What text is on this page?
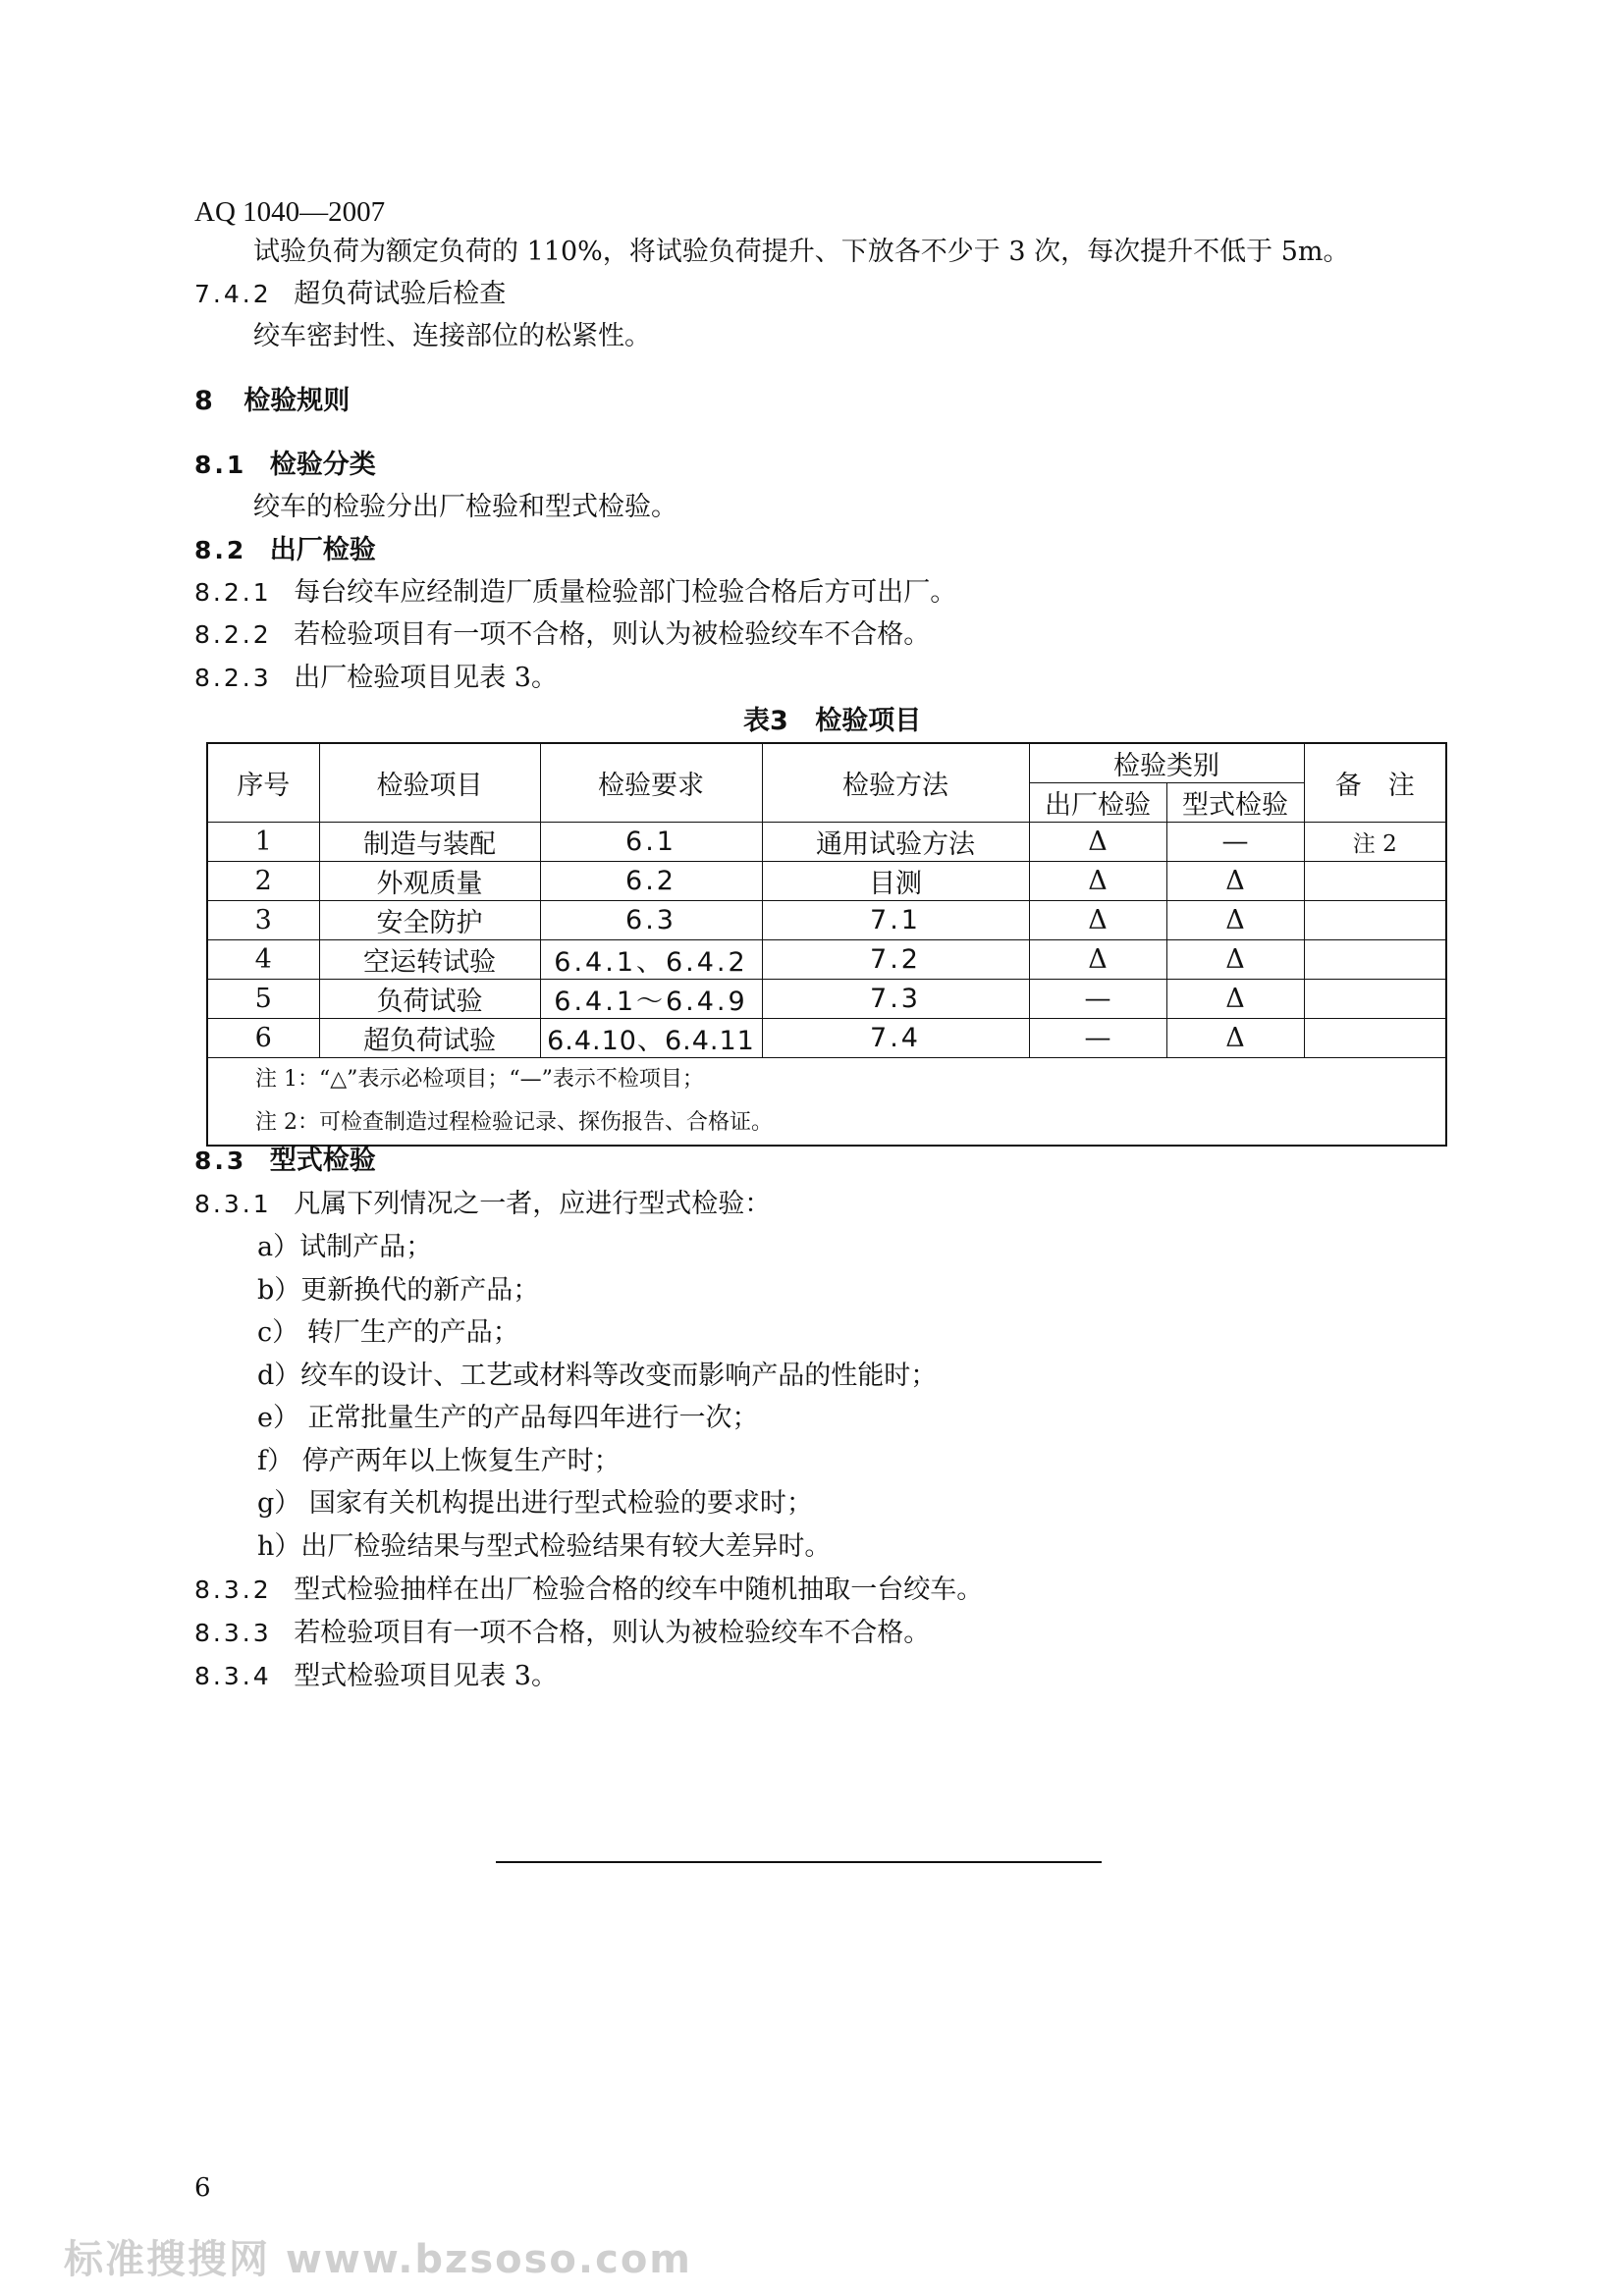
AQ 1040—2007
试验负荷为额定负荷的 110%，将试验负荷提升、下放各不少于 3 次，每次提升不低于 5m。
7.4.2 超负荷试验后检查
绞车密封性、连接部位的松紧性。
8 检验规则
8.1 检验分类
绞车的检验分出厂检验和型式检验。
8.2 出厂检验
8.2.1 每台绞车应经制造厂质量检验部门检验合格后方可出厂。
8.2.2 若检验项目有一项不合格，则认为被检验绞车不合格。
8.2.3 出厂检验项目见表 3。
表3 检验项目
序号	检验项目	检验要求	检验方法	检验类别		备　注
				出厂检验	型式检验	
1	制造与装配	6.1	通用试验方法	Δ	—	注 2
2	外观质量	6.2	目测	Δ	Δ	
3	安全防护	6.3	7.1	Δ	Δ	
4	空运转试验	6.4.1、6.4.2	7.2	Δ	Δ	
5	负荷试验	6.4.1～6.4.9	7.3	—	Δ	
6	超负荷试验	6.4.10、6.4.11	7.4	—	Δ	

注 1：“△”表示必检项目；“—”表示不检项目；
注 2：可检查制造过程检验记录、探伤报告、合格证。						
8.3 型式检验
8.3.1 凡属下列情况之一者，应进行型式检验：
a）试制产品；
b）更新换代的新产品；
c） 转厂生产的产品；
d）绞车的设计、工艺或材料等改变而影响产品的性能时；
e） 正常批量生产的产品每四年进行一次；
f） 停产两年以上恢复生产时；
g） 国家有关机构提出进行型式检验的要求时；
h）出厂检验结果与型式检验结果有较大差异时。
8.3.2 型式检验抽样在出厂检验合格的绞车中随机抽取一台绞车。
8.3.3 若检验项目有一项不合格，则认为被检验绞车不合格。
8.3.4 型式检验项目见表 3。
6
标准搜搜网 www.bzsoso.com
